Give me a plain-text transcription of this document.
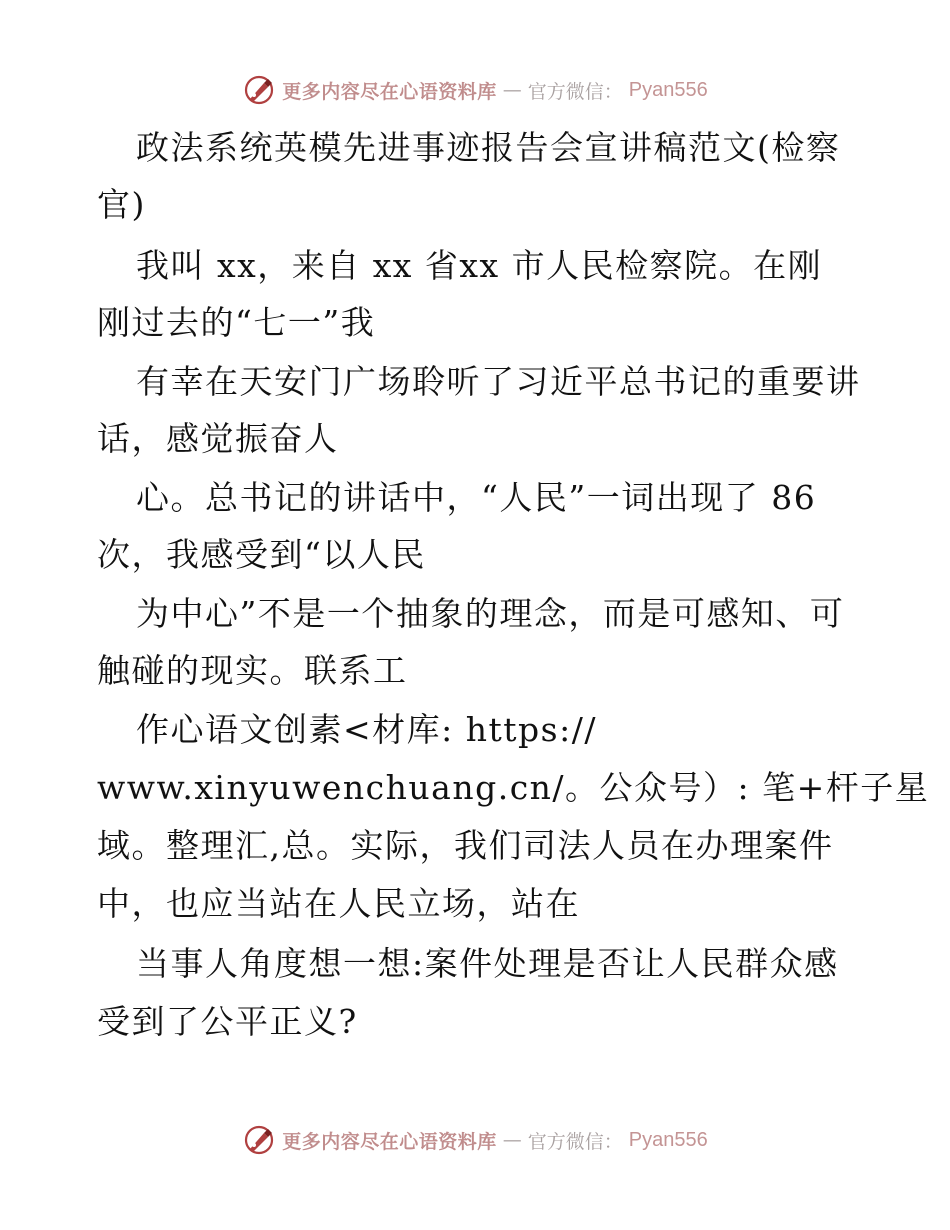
更多内容尽在心语资料库 — 官方微信： Pyan556
政法系统英模先进事迹报告会宣讲稿范文(检察
官)
我叫 xx，来自 xx 省xx 市人民检察院。在刚
刚过去的“七一”我
有幸在天安门广场聆听了习近平总书记的重要讲
话，感觉振奋人
心。总书记的讲话中，“人民”一词出现了 86
次，我感受到“以人民
为中心”不是一个抽象的理念，而是可感知、可
触碰的现实。联系工
作心语文创素<材库: https://
www.xinyuwenchuang.cn/。公众号）: 笔+杆子星
域。整理汇,总。实际，我们司法人员在办理案件
中，也应当站在人民立场，站在
当事人角度想一想:案件处理是否让人民群众感
受到了公平正义?
更多内容尽在心语资料库 — 官方微信： Pyan556
